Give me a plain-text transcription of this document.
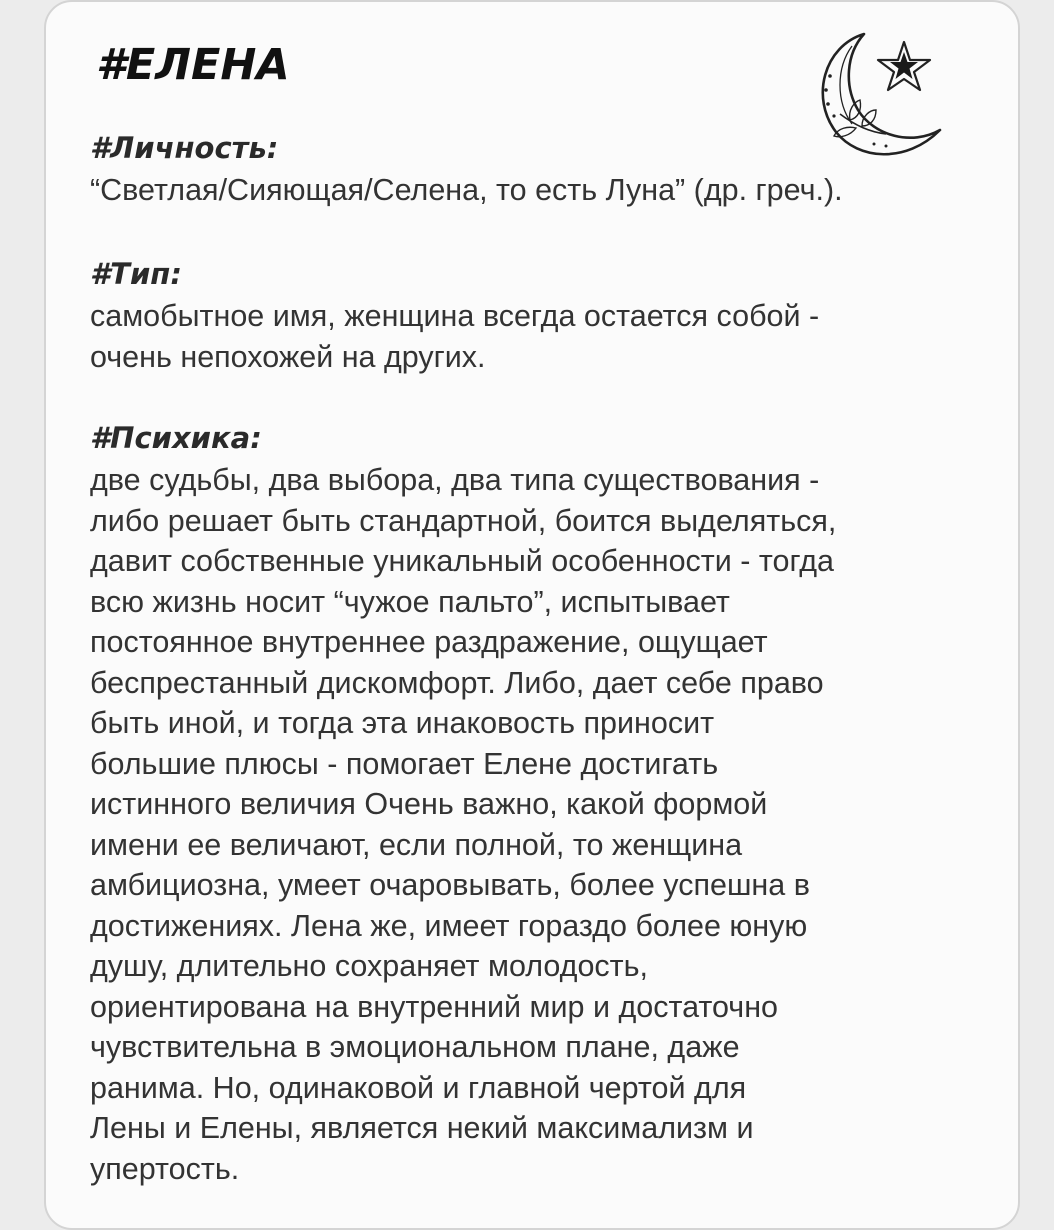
#ЕЛЕНА
#Личность:
“Светлая/Сияющая/Селена, то есть Луна” (др. греч.).
#Тип:
самобытное имя, женщина всегда остается собой -
очень непохожей на других.
#Психика:
две судьбы, два выбора, два типа существования -
либо решает быть стандартной, боится выделяться,
давит собственные уникальный особенности - тогда
всю жизнь носит “чужое пальто”, испытывает
постоянное внутреннее раздражение, ощущает
беспрестанный дискомфорт. Либо, дает себе право
быть иной, и тогда эта инаковость приносит
большие плюсы - помогает Елене достигать
истинного величия Очень важно, какой формой
имени ее величают, если полной, то женщина
амбициозна, умеет очаровывать, более успешна в
достижениях. Лена же, имеет гораздо более юную
душу, длительно сохраняет молодость,
ориентирована на внутренний мир и достаточно
чувствительна в эмоциональном плане, даже
ранима. Но, одинаковой и главной чертой для
Лены и Елены, является некий максимализм и
упертость.
